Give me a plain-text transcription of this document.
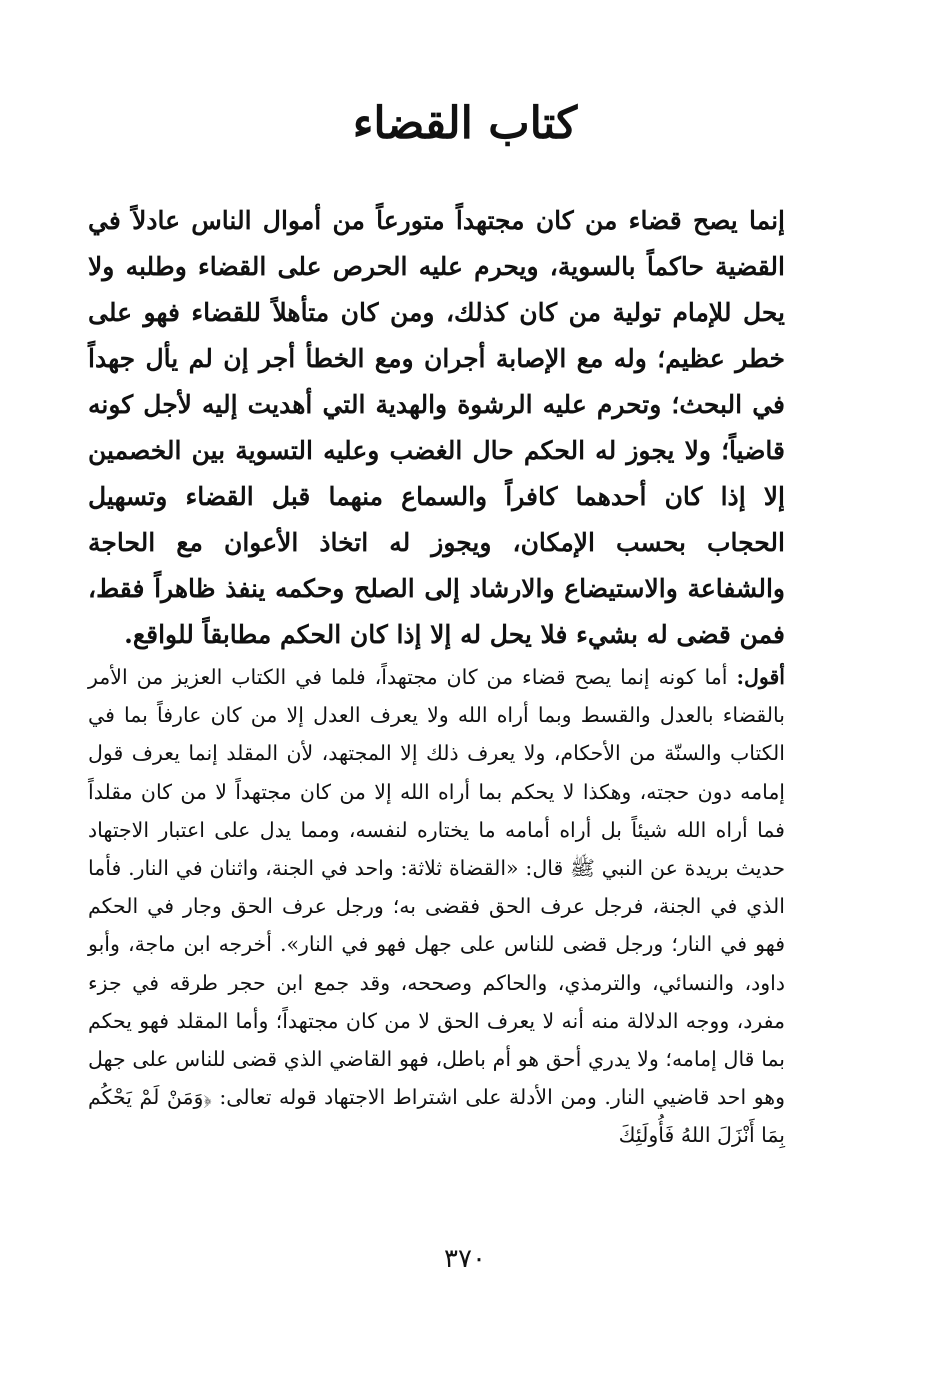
كتاب القضاء
إنما يصح قضاء من كان مجتهداً متورعاً من أموال الناس عادلاً في القضية حاكماً بالسوية، ويحرم عليه الحرص على القضاء وطلبه ولا يحل للإمام تولية من كان كذلك، ومن كان متأهلاً للقضاء فهو على خطر عظيم؛ وله مع الإصابة أجران ومع الخطأ أجر إن لم يأل جهداً في البحث؛ وتحرم عليه الرشوة والهدية التي أهديت إليه لأجل كونه قاضياً؛ ولا يجوز له الحكم حال الغضب وعليه التسوية بين الخصمين إلا إذا كان أحدهما كافراً والسماع منهما قبل القضاء وتسهيل الحجاب بحسب الإمكان، ويجوز له اتخاذ الأعوان مع الحاجة والشفاعة والاستيضاع والارشاد إلى الصلح وحكمه ينفذ ظاهراً فقط، فمن قضى له بشيء فلا يحل له إلا إذا كان الحكم مطابقاً للواقع.
أقول: أما كونه إنما يصح قضاء من كان مجتهداً، فلما في الكتاب العزيز من الأمر بالقضاء بالعدل والقسط وبما أراه الله ولا يعرف العدل إلا من كان عارفاً بما في الكتاب والسنّة من الأحكام، ولا يعرف ذلك إلا المجتهد، لأن المقلد إنما يعرف قول إمامه دون حجته، وهكذا لا يحكم بما أراه الله إلا من كان مجتهداً لا من كان مقلداً فما أراه الله شيئاً بل أراه أمامه ما يختاره لنفسه، ومما يدل على اعتبار الاجتهاد حديث بريدة عن النبي ﷺ قال: «القضاة ثلاثة: واحد في الجنة، واثنان في النار. فأما الذي في الجنة، فرجل عرف الحق فقضى به؛ ورجل عرف الحق وجار في الحكم فهو في النار؛ ورجل قضى للناس على جهل فهو في النار». أخرجه ابن ماجة، وأبو داود، والنسائي، والترمذي، والحاكم وصححه، وقد جمع ابن حجر طرقه في جزء مفرد، ووجه الدلالة منه أنه لا يعرف الحق لا من كان مجتهداً؛ وأما المقلد فهو يحكم بما قال إمامه؛ ولا يدري أحق هو أم باطل، فهو القاضي الذي قضى للناس على جهل وهو احد قاضيي النار. ومن الأدلة على اشتراط الاجتهاد قوله تعالى: ﴿وَمَنْ لَمْ يَحْكُم بِمَا أَنْزَلَ اللهُ فَأُولَئِكَ
٣٧٠
